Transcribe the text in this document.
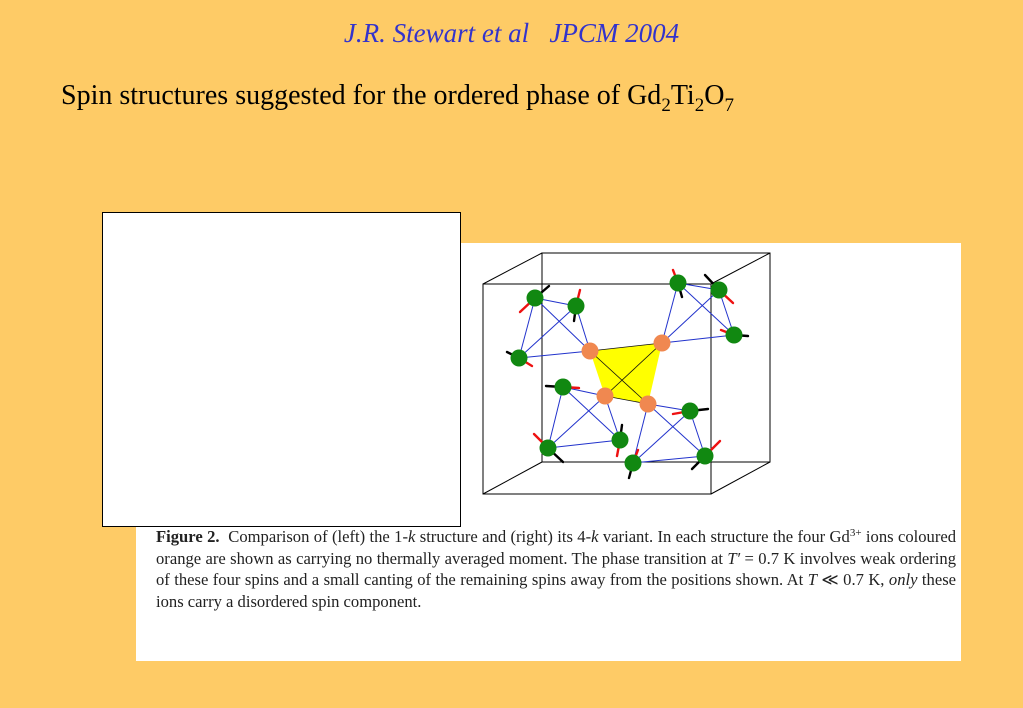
J.R. Stewart et al   JPCM 2004
Spin structures suggested for the ordered phase of $Gd_2Ti_2O_7$
Figure 2. Comparison of (left) the 1-k structure and (right) its 4-k variant. In each structure the four $Gd^{3+}$ ions coloured orange are shown as carrying no thermally averaged moment. The phase transition at T′ = 0.7 K involves weak ordering of these four spins and a small canting of the remaining spins away from the positions shown. At T ≪ 0.7 K, only these ions carry a disordered spin component.
